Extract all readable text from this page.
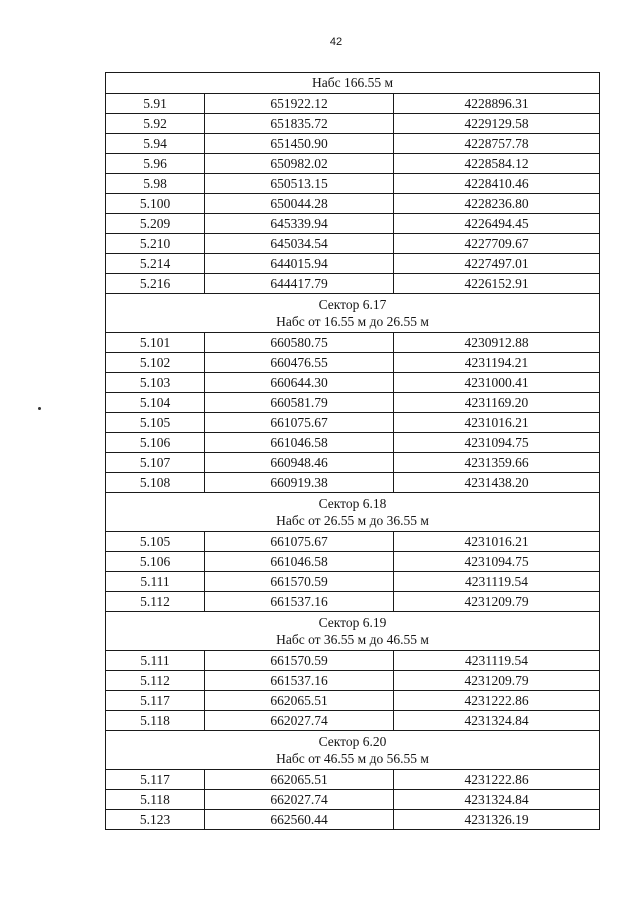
42
Набс 166.55 м		

5.91	651922.12	4228896.31
5.92	651835.72	4229129.58
5.94	651450.90	4228757.78
5.96	650982.02	4228584.12
5.98	650513.15	4228410.46
5.100	650044.28	4228236.80
5.209	645339.94	4226494.45
5.210	645034.54	4227709.67
5.214	644015.94	4227497.01
5.216	644417.79	4226152.91

Сектор 6.17
Набс от 16.55 м до 26.55 м		

5.101	660580.75	4230912.88
5.102	660476.55	4231194.21
5.103	660644.30	4231000.41
5.104	660581.79	4231169.20
5.105	661075.67	4231016.21
5.106	661046.58	4231094.75
5.107	660948.46	4231359.66
5.108	660919.38	4231438.20

Сектор 6.18
Набс от 26.55 м до 36.55 м		

5.105	661075.67	4231016.21
5.106	661046.58	4231094.75
5.111	661570.59	4231119.54
5.112	661537.16	4231209.79

Сектор 6.19
Набс от 36.55 м до 46.55 м		

5.111	661570.59	4231119.54
5.112	661537.16	4231209.79
5.117	662065.51	4231222.86
5.118	662027.74	4231324.84

Сектор 6.20
Набс от 46.55 м до 56.55 м		

5.117	662065.51	4231222.86
5.118	662027.74	4231324.84
5.123	662560.44	4231326.19
